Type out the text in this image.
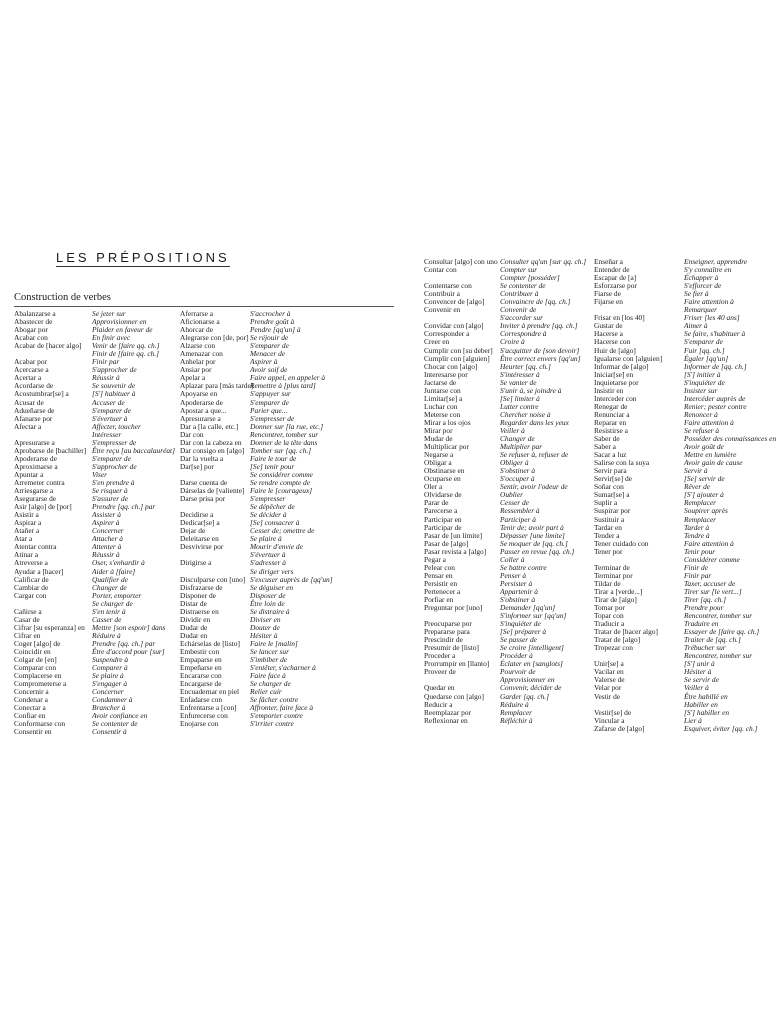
LES PRÉPOSITIONS
Construction de verbes
Abalanzarse a	Se jeter sur
Abastecer de	Approvisionner en
Abogar por	Plaider en faveur de
Acabar con	En finir avec
Acabar de [hacer algo]	Venir de [faire qq. ch.]
Finir de [faire qq. ch.]
Acabar por	Finir par
Acercarse a	S'approcher de
Acertar a	Réussir à
Acordarse de	Se souvenir de
Acostumbrar[se] a	[S'] habituer à
Acusar de	Accuser de
Adueñarse de	S'emparer de
Afanarse por	S'évertuer à
Afectar a	Affecter, toucher
Intéresser
Apresurarse a	S'empresser de
Aprobarse de [bachiller] Être reçu [au baccalauréat]
Apoderarse de	S'emparer de
Aproximarse a	S'approcher de
Apuntar a	Viser
Arremeter contra	S'en prendre à
Arriesgarse a	Se risquer à
Asegurarse de	S'assurer de
Asir [algo] de [por]	Prendre [qq. ch.] par
Asistir a	Assister à
Aspirar a	Aspirer à
Atañer a	Concerner
Atar a	Attacher à
Atentar contra	Attenter à
Atinar a	Réussir à
Atreverse a	Oser, s'enhardir à
Ayudar a [hacer]	Aider à [faire]
Calificar de	Qualifier de
Cambiar de	Changer de
Cargar con	Porter, emporter
Se charger de
Cañirse a	S'en tenir à
Casar de	Casser de
Cifrar [su esperanza] en Mettre [son espoir] dans
Cifrar en	Réduire à
Coger [algo] de	Prendre [qq. ch.] par
Coincidir en	Être d'accord pour [sur]
Colgar de [en]	Suspendre à
Comparar con	Comparer à
Complacerse en	Se plaire à
Comprometerse a	S'engager à
Concernir a	Concerner
Condenar a	Condamner à
Conectar a	Brancher à
Confiar en	Avoir confiance en
Conformarse con	Se contenter de
Consentir en	Consentir à
Aferrarse a	S'accrocher à
Aficionarse a	Prendre goût à
Ahorcar de	Pendre [qq'un] à
Alegrarse con [de, por] Se réjouir de
Alzarse con	S'emparer de
Amenazar con	Menacer de
Anhelar por	Aspirer à
Ansiar por	Avoir soif de
Apelar a	Faire appel, en appeler à
Aplazar para [más tarde]
Remettre à [plus tard]
Apoyarse en	S'appuyer sur
Apoderarse de	S'emparer de
Apostar a que...	Parier que...
Apresurarse a	S'empresser de
Dar a [la calle, etc.]	Donner sur [la rue, etc.]
Dar con	Rencontrer, tomber sur
Dar con la cabeza en	Donner de la tête dans
Dar consigo en [algo] Tomber sur [qq. ch.]
Dar la vuelta a	Faire le tour de
Dar[se] por	[Se] tenir pour
Se considérer comme
Darse cuenta de	Se rendre compte de
Dárselas de [valiente] Faire le [courageux]
Darse prisa por	S'empresser
Se dépêcher de
Decidirse a	Se décider à
Dedicar[se] a	[Se] consacrer à
Dejar de	Cesser de; omettre de
Deleitarse en	Se plaire à
Desvivirse por	Mourir d'envie de
S'évertuer à
Dirigirse a	S'adresser à
Se diriger vers
Disculparse con [uno] S'excuser auprès de [qq'un]
Disfrazarse de	Se déguiser en
Disponer de	Disposer de
Distar de	Être loin de
Distraerse en	Se distraire à
Dividir en	Diviser en
Dudar de	Douter de
Dudar en	Hésiter à
Echárselas de [listo]	Faire le [malin]
Embestir con	Se lancer sur
Empaparse en	S'imbiber de
Empeñarse en	S'entêter, s'acharner à
Encararse con	Faire face à
Encargarse de	Se charger de
Encuadernar en piel	Relier cuir
Enfadarse con	Se fâcher contre
Enfrentarse a [con]	Affronter, faire face à
Enfurecerse con	S'emporter contre
Enojarse con	S'irriter contre
Consultar [algo] con uno Consulter qq'un [sur qq. ch.]
Contar con	Compter sur
Compter [posséder]
Contentarse con	Se contenter de
Contribuir a	Contribuer à
Convencer de [algo]	Convaincre de [qq. ch.]
Convenir en	Convenir de
S'accorder sur
Convidar con [algo]	Inviter à prendre [qq. ch.]
Corresponder a	Correspondre à
Creer en	Croire à
Cumplir con [su deber] S'acquitter de [son devoir]
Cumplir con [alguien]	Être correct envers [qq'un]
Chocar con [algo]	Heurter [qq. ch.]
Interesarse por	S'intéresser à
Jactarse de	Se vanter de
Juntarse con	S'unir à, se joindre à
Limitar[se] a	[Se] limiter à
Luchar con	Lutter contre
Meterse con	Chercher noise à
Mirar a los ojos	Regarder dans les yeux
Mirar por	Veiller à
Mudar de	Changer de
Multiplicar por	Multiplier par
Negarse a	Se refuser à, refuser de
Obligar a	Obliger à
Obstinarse en	S'obstiner à
Ocuparse en	S'occuper à
Oler a	Sentir, avoir l'odeur de
Olvidarse de	Oublier
Parar de	Cesser de
Parecerse a	Ressembler à
Participar en	Participer à
Participar de	Tenir de; avoir part à
Pasar de [un límite]	Dépasser [une limite]
Pasar de [algo]	Se moquer de [qq. ch.]
Pasar revista a [algo]	Passer en revue [qq. ch.]
Pegar a	Coller à
Pelear con	Se battre contre
Pensar en	Penser à
Persistir en	Persister à
Pertenecer a	Appartenir à
Porfiar en	S'obstiner à
Preguntar por [uno]	Demander [qq'un]
S'informer sur [qq'un]
Preocuparse por	S'inquiéter de
Prepararse para	[Se] préparer à
Prescindir de	Se passer de
Presumir de [listo]	Se croire [intelligent]
Proceder a	Procéder à
Prorrumpir en [llanto]	Éclater en [sanglots]
Proveer de	Pourvoir de
Approvisionner en
Quedar en	Convenir, décider de
Quedarse con [algo]	Garder [qq. ch.]
Reducir a	Réduire à
Reemplazar por	Remplacer
Reflexionar en	Réfléchir à
Enseñar a	Enseigner, apprendre
Entender de	S'y connaître en
Escapar de [a]	Échapper à
Esforzarse por	S'efforcer de
Fiarse de	Se fier à
Fijarse en	Faire attention à
Remarquer
Frisar en [los 40]	Friser [les 40 ans]
Gustar de	Aimer à
Hacerse a	Se faire, s'habituer à
Hacerse con	S'emparer de
Huir de [algo]	Fuir [qq. ch.]
Igualarse con [alguien]	Égaler [qq'un]
Informar de [algo]	Informer de [qq. ch.]
Iniciar[se] en	[S'] initier à
Inquietarse por	S'inquiéter de
Insistir en	Insister sur
Interceder con	Intercéder auprès de
Renegar de	Renier; pester contre
Renunciar a	Renoncer à
Reparar en	Faire attention à
Resistirse a	Se refuser à
Saber de	Posséder des connaissances en
Saber a	Avoir goût de
Sacar a luz	Mettre en lumière
Salirse con la suya	Avoir gain de cause
Servir para	Servir à
Servir[se] de	[Se] servir de
Soñar con	Rêver de
Sumar[se] a	[S'] ajouter à
Suplir a	Remplacer
Suspirar por	Soupirer après
Sustituir a	Remplacer
Tardar en	Tarder à
Tender a	Tendre à
Tener cuidado con	Faire attention à
Tener por	Tenir pour
Considérer comme
Terminar de	Finir de
Terminar por	Finir par
Tildar de	Taxer, accuser de
Tirar a [verde...]	Tirer sur [le vert...]
Tirar de [algo]	Tirer [qq. ch.]
Tomar por	Prendre pour
Topar con	Rencontrer, tomber sur
Traducir a	Traduire en
Tratar de [hacer algo]	Essayer de [faire qq. ch.]
Tratar de [algo]	Traiter de [qq. ch.]
Tropezar con	Trébucher sur
Rencontrer, tomber sur
Unir[se] a	[S'] unir à
Vacilar en	Hésiter à
Valerse de	Se servir de
Velar por	Veiller à
Vestir de	Être habillé en
Habiller en
Vestir[se] de	[S'] habiller en
Vincular a	Lier à
Zafarse de [algo]	Esquiver, éviter [qq. ch.]
